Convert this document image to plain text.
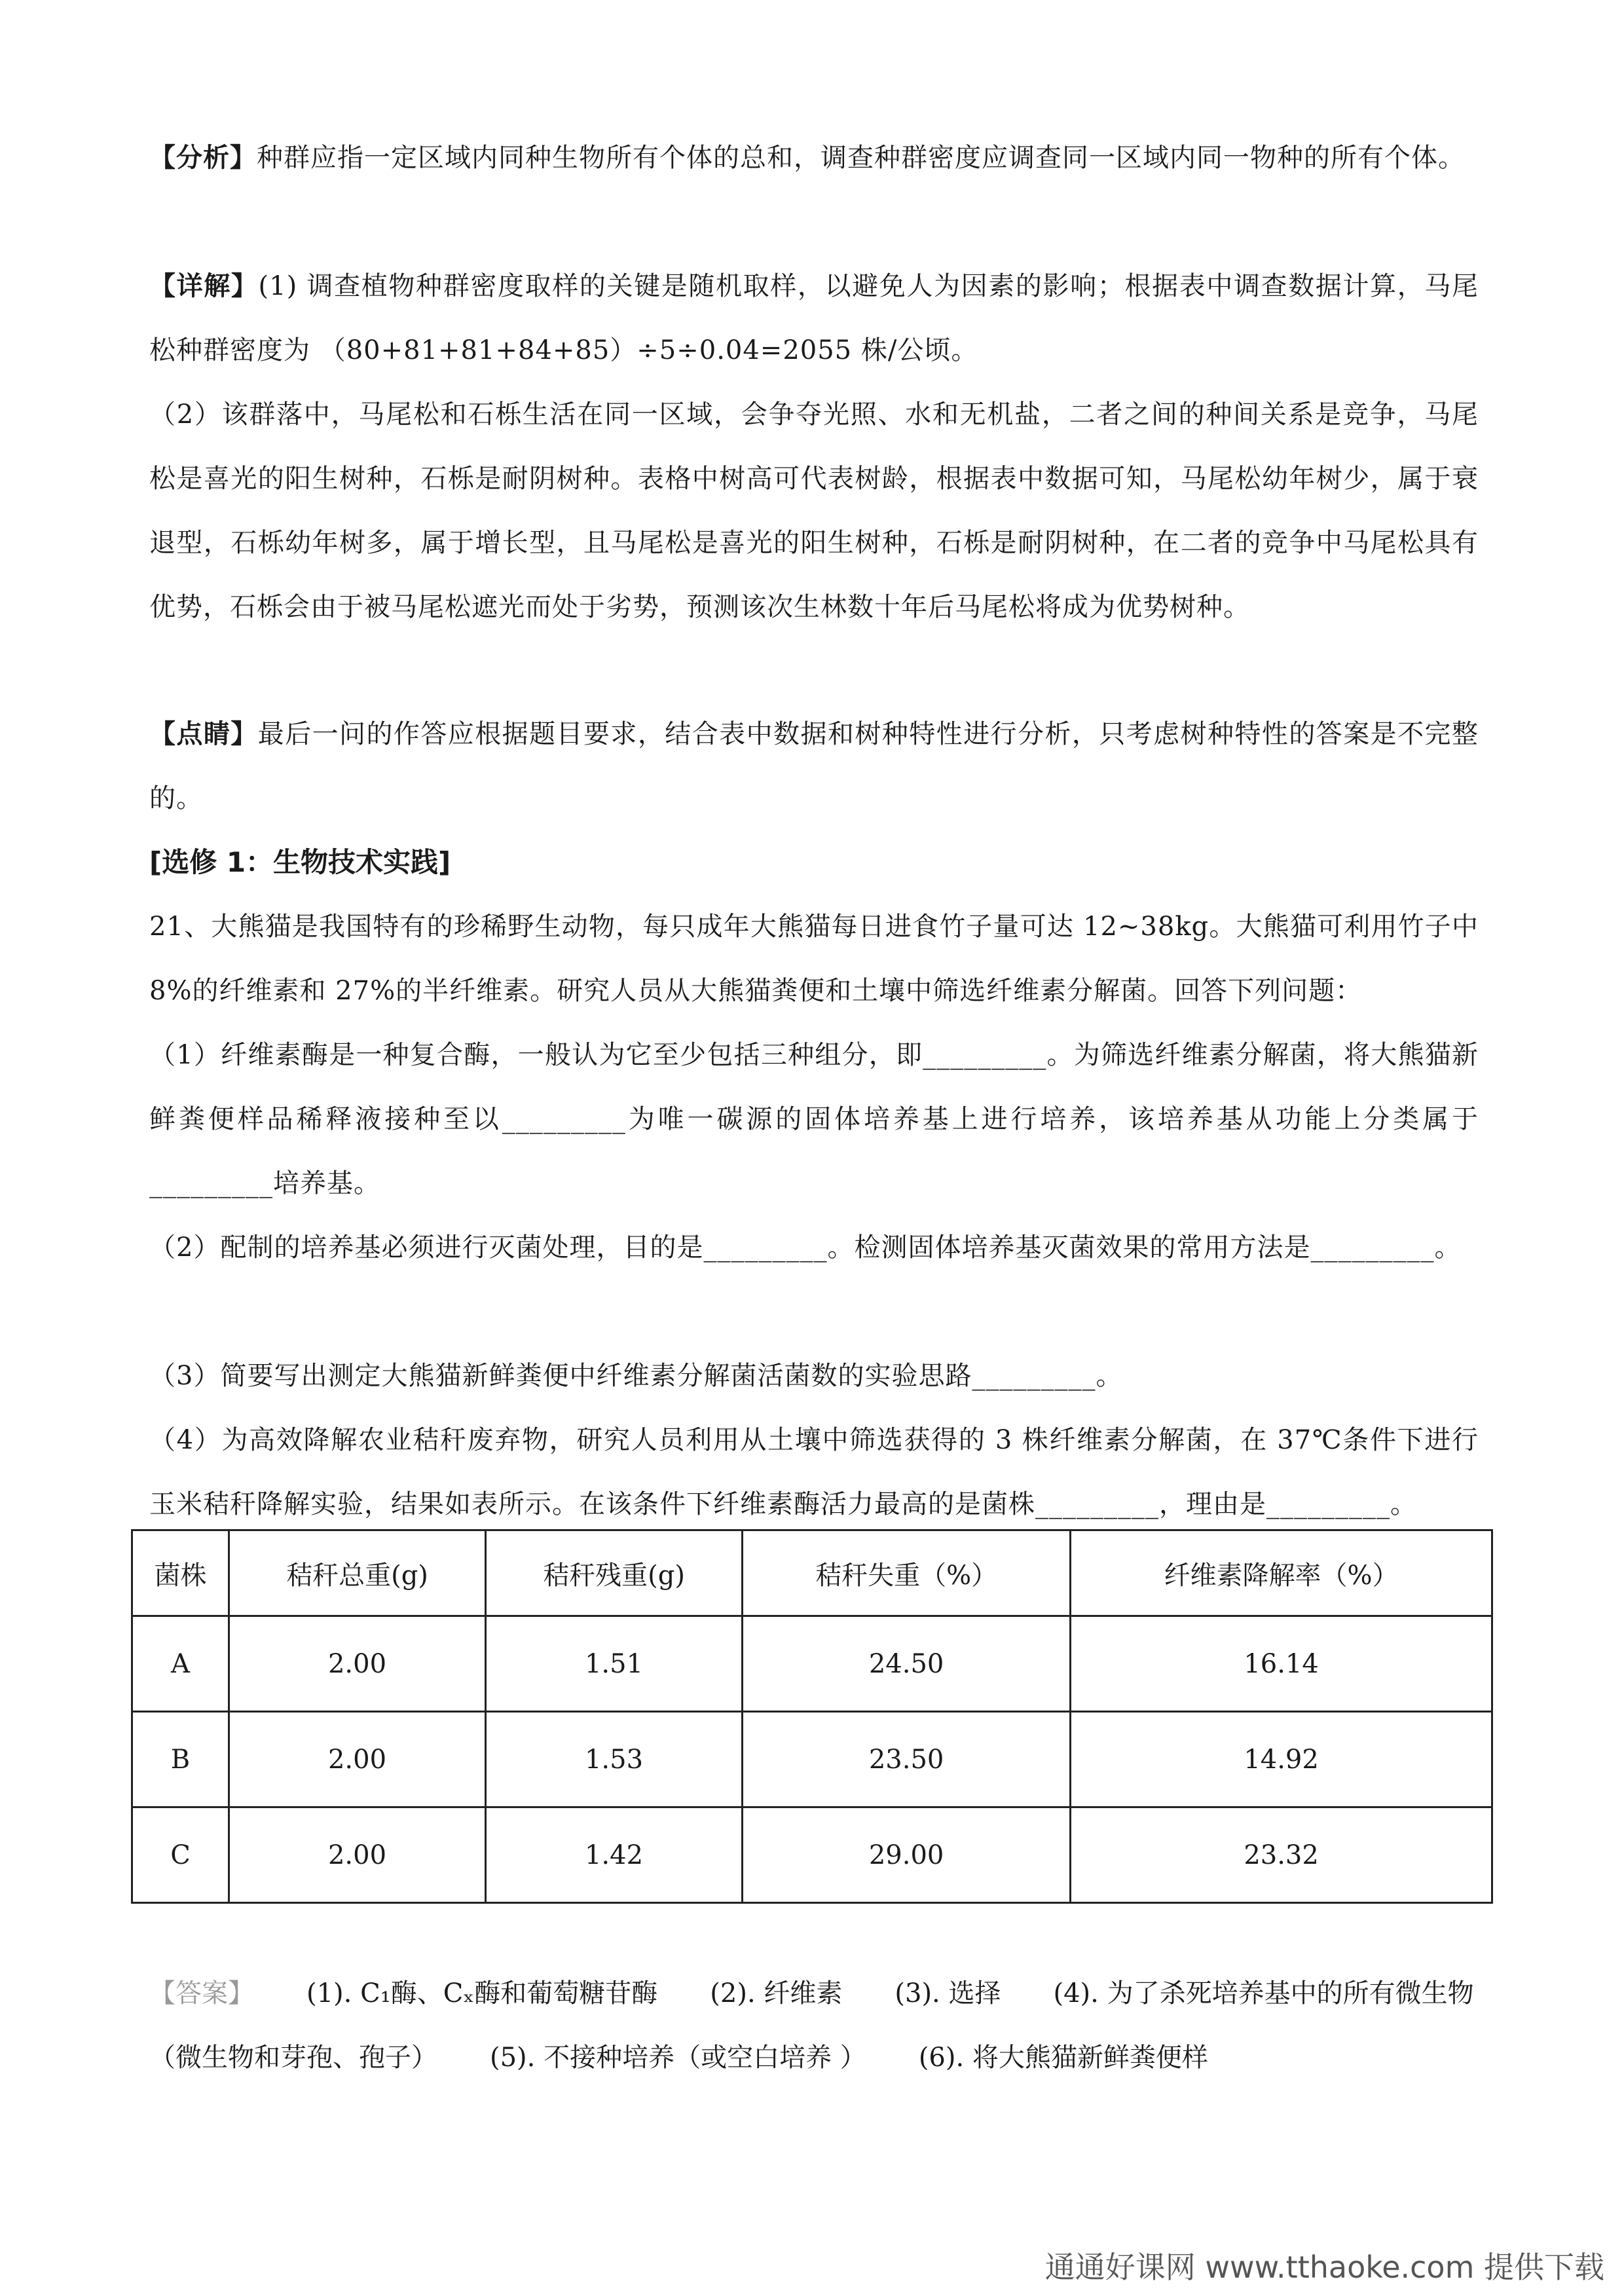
【分析】种群应指一定区域内同种生物所有个体的总和，调查种群密度应调查同一区域内同一物种的所有个体。

【详解】(1) 调查植物种群密度取样的关键是随机取样，以避免人为因素的影响；根据表中调查数据计算，马尾松种群密度为 （80+81+81+84+85）÷5÷0.04=2055 株/公顷。

（2）该群落中，马尾松和石栎生活在同一区域，会争夺光照、水和无机盐，二者之间的种间关系是竞争，马尾松是喜光的阳生树种，石栎是耐阴树种。表格中树高可代表树龄，根据表中数据可知，马尾松幼年树少，属于衰退型，石栎幼年树多，属于增长型，且马尾松是喜光的阳生树种，石栎是耐阴树种，在二者的竞争中马尾松具有优势，石栎会由于被马尾松遮光而处于劣势，预测该次生林数十年后马尾松将成为优势树种。

【点睛】最后一问的作答应根据题目要求，结合表中数据和树种特性进行分析，只考虑树种特性的答案是不完整的。

[选修 1：生物技术实践]

21、大熊猫是我国特有的珍稀野生动物，每只成年大熊猫每日进食竹子量可达 12~38kg。大熊猫可利用竹子中 8%的纤维素和 27%的半纤维素。研究人员从大熊猫粪便和土壤中筛选纤维素分解菌。回答下列问题：

（1）纤维素酶是一种复合酶，一般认为它至少包括三种组分，即_________。为筛选纤维素分解菌，将大熊猫新鲜粪便样品稀释液接种至以_________为唯一碳源的固体培养基上进行培养，该培养基从功能上分类属于_________培养基。

（2）配制的培养基必须进行灭菌处理，目的是_________。检测固体培养基灭菌效果的常用方法是_________。

（3）简要写出测定大熊猫新鲜粪便中纤维素分解菌活菌数的实验思路_________。

（4）为高效降解农业秸秆废弃物，研究人员利用从土壤中筛选获得的 3 株纤维素分解菌，在 37℃条件下进行玉米秸秆降解实验，结果如表所示。在该条件下纤维素酶活力最高的是菌株_________，理由是_________。

菌株	秸秆总重(g)	秸秆残重(g)	秸秆失重（%）	纤维素降解率（%）
A	2.00	1.51	24.50	16.14
B	2.00	1.53	23.50	14.92
C	2.00	1.42	29.00	23.32

【答案】 (1). C₁酶、Cₓ酶和葡萄糖苷酶 (2). 纤维素 (3). 选择 (4). 为了杀死培养基中的所有微生物（微生物和芽孢、孢子） (5). 不接种培养（或空白培养 ） (6). 将大熊猫新鲜粪便样

通通好课网 www.tthaoke.com 提供下载
